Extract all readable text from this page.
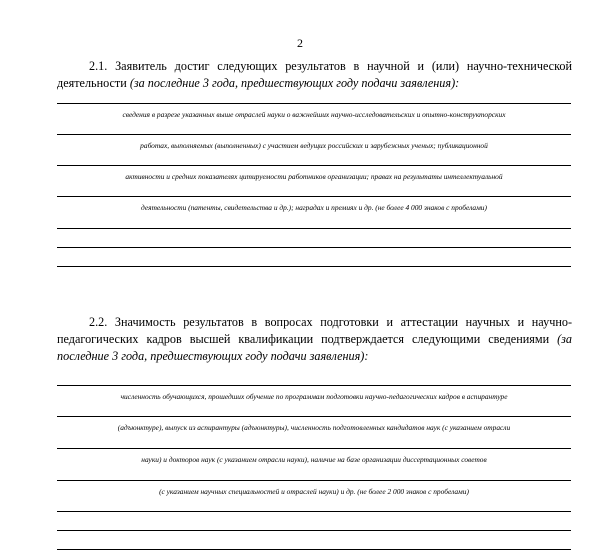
2
2.1. Заявитель достиг следующих результатов в научной и (или) научно-технической деятельности (за последние 3 года, предшествующих году подачи заявления):
сведения в разрезе указанных выше отраслей науки о важнейших научно-исследовательских и опытно-конструкторских
работах, выполняемых (выполненных) с участием ведущих российских и зарубежных ученых; публикационной
активности и средних показателях цитируемости работников организации; правах на результаты интеллектуальной
деятельности (патенты, свидетельства и др.); наградах и премиях и др. (не более 4 000 знаков с пробелами)
2.2. Значимость результатов в вопросах подготовки и аттестации научных и научно-педагогических кадров высшей квалификации подтверждается следующими сведениями (за последние 3 года, предшествующих году подачи заявления):
численность обучающихся, прошедших обучение по программам подготовки научно-педагогических кадров в аспирантуре
(адъюнктуре), выпуск из аспирантуры (адъюнктуры), численность подготовленных кандидатов наук (с указанием отрасли
науки) и докторов наук (с указанием отрасли науки), наличие на базе организации диссертационных советов
(с указанием научных специальностей и отраслей науки) и др. (не более 2 000 знаков с пробелами)
